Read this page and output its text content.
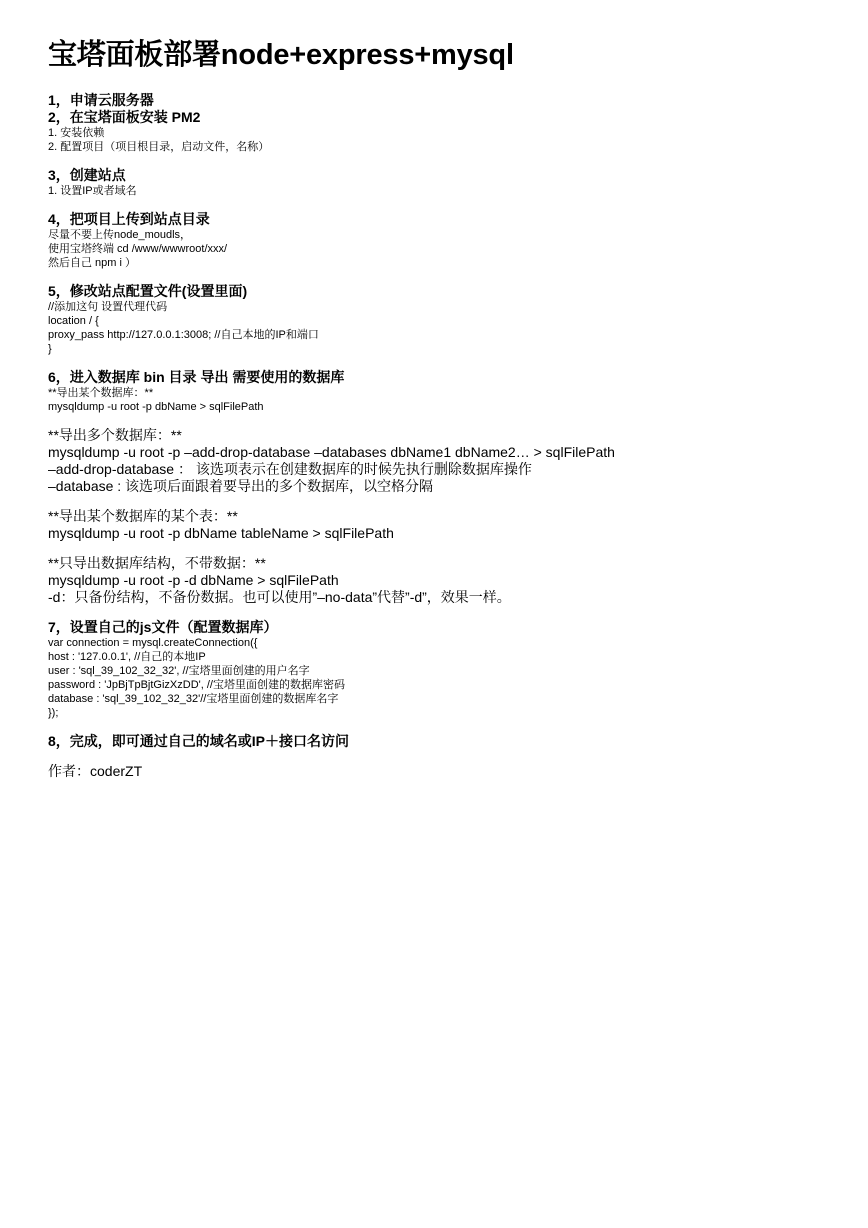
宝塔面板部署node+express+mysql

1，申请云服务器

2，在宝塔面板安装 PM2

1. 安装依赖

2. 配置项目（项目根目录，启动文件，名称）

3，创建站点

1. 设置IP或者域名

4，把项目上传到站点目录

尽量不要上传node_moudls，

使用宝塔终端 cd /www/wwwroot/xxx/

然后自己 npm i ）

5，修改站点配置文件(设置里面)

//添加这句 设置代理代码

location / {

proxy_pass http://127.0.0.1:3008; //自己本地的IP和端口

}

6，进入数据库 bin 目录 导出 需要使用的数据库

**导出某个数据库：**

mysqldump -u root -p dbName > sqlFilePath

**导出多个数据库：**

mysqldump -u root -p –add-drop-database –databases dbName1 dbName2… > sqlFilePath

–add-drop-database ： 该选项表示在创建数据库的时候先执行删除数据库操作

–database : 该选项后面跟着要导出的多个数据库，以空格分隔

**导出某个数据库的某个表：**

mysqldump -u root -p dbName tableName > sqlFilePath

**只导出数据库结构，不带数据：**

mysqldump -u root -p -d dbName > sqlFilePath

-d：只备份结构，不备份数据。也可以使用”–no-data”代替”-d”，效果一样。

7，设置自己的js文件（配置数据库）

var connection = mysql.createConnection({

host : '127.0.0.1', //自己的本地IP

user : 'sql_39_102_32_32', //宝塔里面创建的用户名字

password : 'JpBjTpBjtGizXzDD', //宝塔里面创建的数据库密码

database : 'sql_39_102_32_32'//宝塔里面创建的数据库名字

});

8，完成，即可通过自己的域名或IP＋接口名访问

作者：coderZT
